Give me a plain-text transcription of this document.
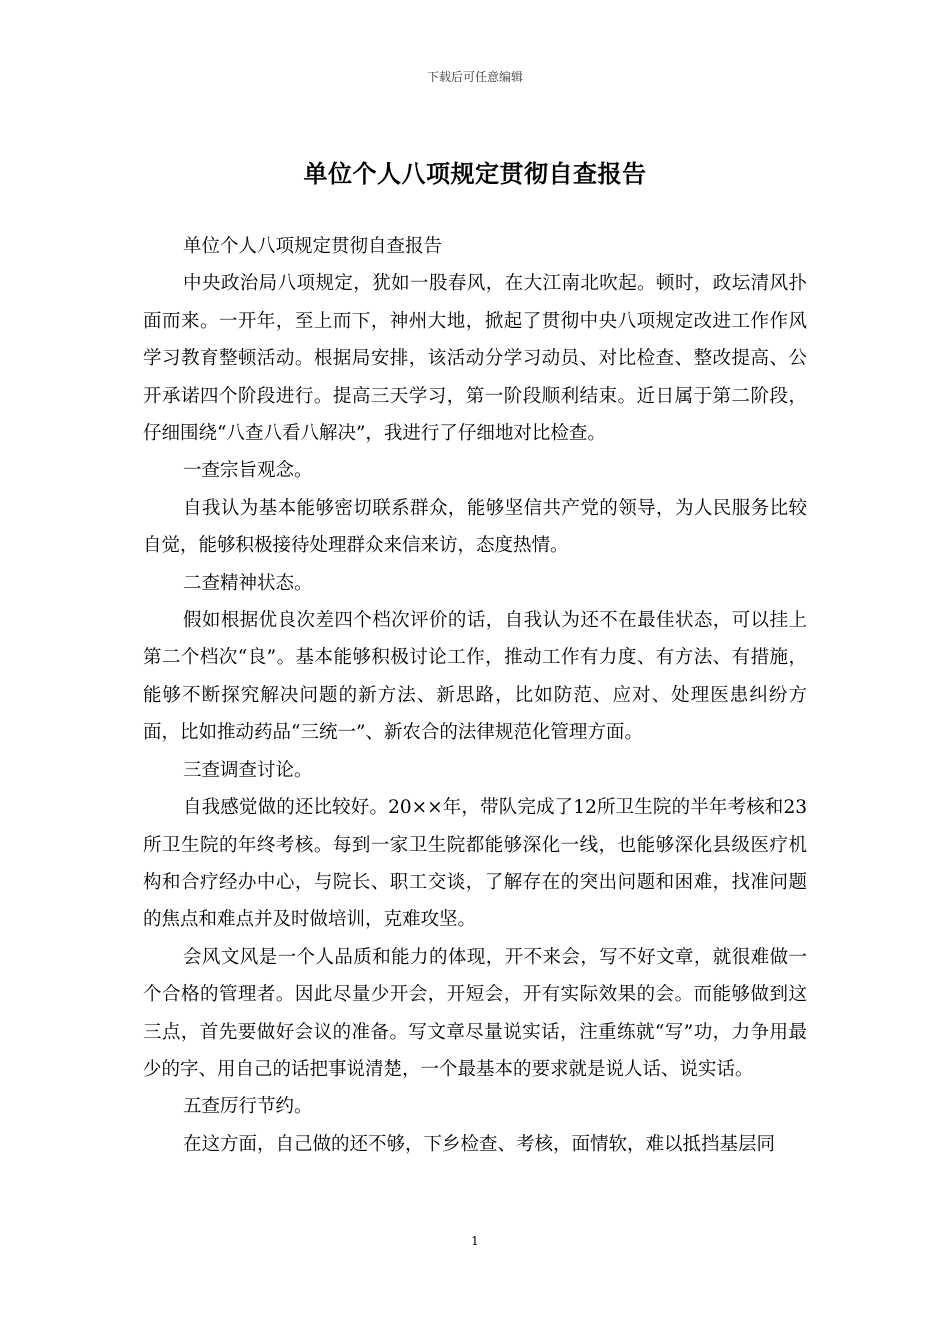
下载后可任意编辑
单位个人八项规定贯彻自查报告

单位个人八项规定贯彻自查报告

中央政治局八项规定，犹如一股春风，在大江南北吹起。顿时，政坛清风扑面而来。一开年，至上而下，神州大地，掀起了贯彻中央八项规定改进工作作风学习教育整顿活动。根据局安排，该活动分学习动员、对比检查、整改提高、公开承诺四个阶段进行。提高三天学习，第一阶段顺利结束。近日属于第二阶段，仔细围绕“八查八看八解决”，我进行了仔细地对比检查。

一查宗旨观念。

自我认为基本能够密切联系群众，能够坚信共产党的领导，为人民服务比较自觉，能够积极接待处理群众来信来访，态度热情。

二查精神状态。

假如根据优良次差四个档次评价的话，自我认为还不在最佳状态，可以挂上第二个档次“良”。基本能够积极讨论工作，推动工作有力度、有方法、有措施，能够不断探究解决问题的新方法、新思路，比如防范、应对、处理医患纠纷方面，比如推动药品“三统一”、新农合的法律规范化管理方面。

三查调查讨论。

自我感觉做的还比较好。20××年，带队完成了12所卫生院的半年考核和23所卫生院的年终考核。每到一家卫生院都能够深化一线，也能够深化县级医疗机构和合疗经办中心，与院长、职工交谈，了解存在的突出问题和困难，找准问题的焦点和难点并及时做培训，克难攻坚。

会风文风是一个人品质和能力的体现，开不来会，写不好文章，就很难做一个合格的管理者。因此尽量少开会，开短会，开有实际效果的会。而能够做到这三点，首先要做好会议的准备。写文章尽量说实话，注重练就“写”功，力争用最少的字、用自己的话把事说清楚，一个最基本的要求就是说人话、说实话。

五查厉行节约。

在这方面，自己做的还不够，下乡检查、考核，面情软，难以抵挡基层同

1
